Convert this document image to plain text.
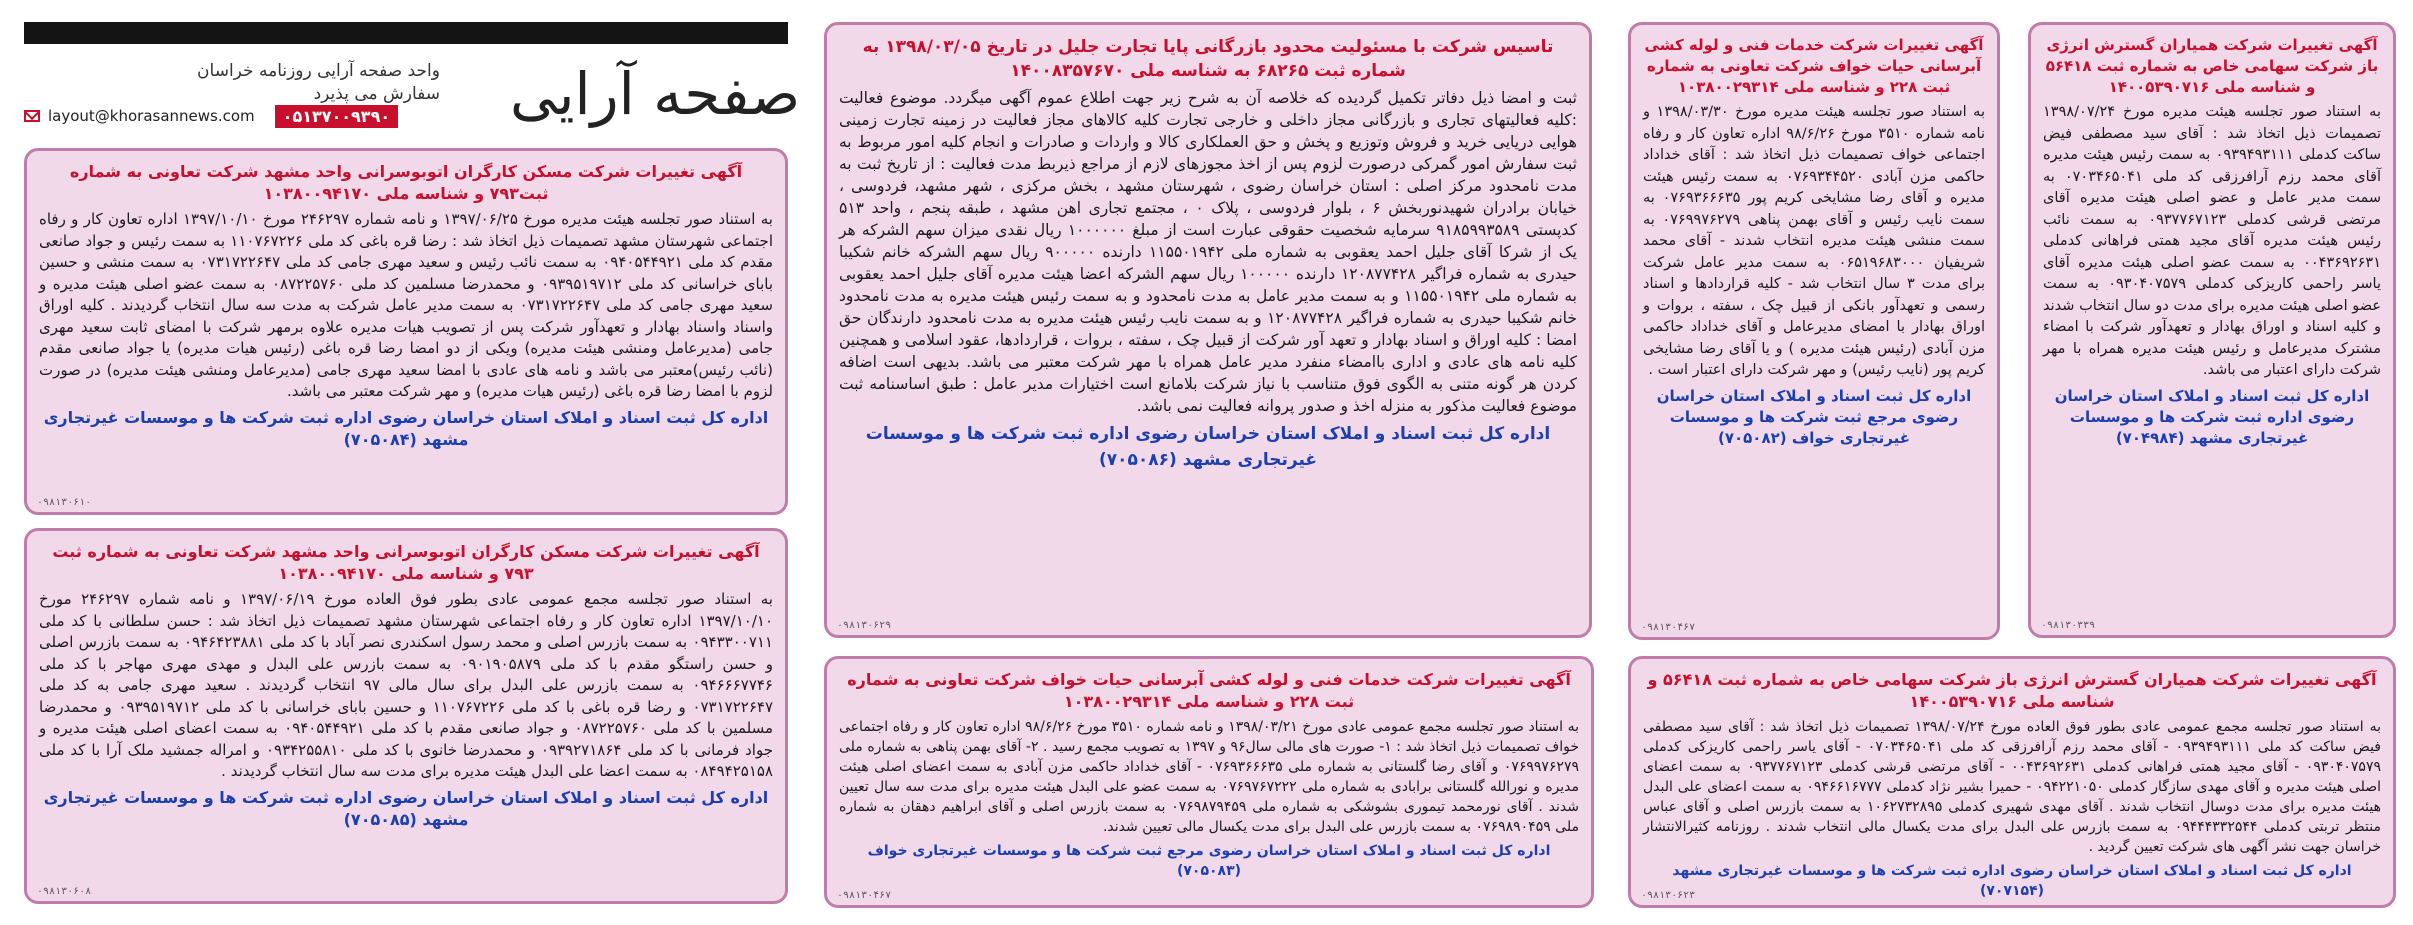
صفحه آرایی
واحد صفحه آرایی روزنامه خراسان
سفارش می پذیرد
layout@khorasannews.com	۰۵۱۳۷۰۰۹۳۹۰
آگهی تغییرات شرکت مسکن کارگران اتوبوسرانی واحد مشهد شرکت تعاونی به شماره ثبت۷۹۳ و شناسه ملی ۱۰۳۸۰۰۹۴۱۷۰

به استناد صور تجلسه هیئت مدیره مورخ ۱۳۹۷/۰۶/۲۵ و نامه شماره ۲۴۶۲۹۷ مورخ ۱۳۹۷/۱۰/۱۰ اداره تعاون کار و رفاه اجتماعی شهرستان مشهد تصمیمات ذیل اتخاذ شد : رضا قره باغی کد ملی ۱۱۰۷۶۷۲۲۶ به سمت رئیس و جواد صانعی مقدم کد ملی ۰۹۴۰۵۴۴۹۲۱ به سمت نائب رئیس و سعید مهری جامی کد ملی ۰۷۳۱۷۲۲۶۴۷ به سمت منشی و حسین بابای خراسانی کد ملی ۰۹۳۹۵۱۹۷۱۲ و محمدرضا مسلمین کد ملی ۰۸۷۲۲۵۷۶۰ به سمت عضو اصلی هیئت مدیره و سعید مهری جامی کد ملی ۰۷۳۱۷۲۲۶۴۷ به سمت مدیر عامل شرکت به مدت سه سال انتخاب گردیدند . کلیه اوراق واسناد واسناد بهادار و تعهدآور شرکت پس از تصویب هیات مدیره علاوه برمهر شرکت با امضای ثابت سعید مهری جامی (مدیرعامل ومنشی هیئت مدیره) ویکی از دو امضا رضا قره باغی (رئیس هیات مدیره) یا جواد صانعی مقدم (نائب رئیس)معتبر می باشد و نامه های عادی با امضا سعید مهری جامی (مدیرعامل ومنشی هیئت مدیره) در صورت لزوم با امضا رضا قره باغی (رئیس هیات مدیره) و مهر شرکت معتبر می باشد.

اداره کل ثبت اسناد و املاک استان خراسان رضوی اداره ثبت شرکت ها و موسسات غیرتجاری مشهد (۷۰۵۰۸۴)
۰۹۸۱۳۰۶۱۰
آگهی تغییرات شرکت مسکن کارگران اتوبوسرانی واحد مشهد شرکت تعاونی به شماره ثبت ۷۹۳ و شناسه ملی ۱۰۳۸۰۰۹۴۱۷۰

به استناد صور تجلسه مجمع عمومی عادی بطور فوق العاده مورخ ۱۳۹۷/۰۶/۱۹ و نامه شماره ۲۴۶۲۹۷ مورخ ۱۳۹۷/۱۰/۱۰ اداره تعاون کار و رفاه اجتماعی شهرستان مشهد تصمیمات ذیل اتخاذ شد : حسن سلطانی با کد ملی ۰۹۴۳۳۰۰۷۱۱ به سمت بازرس اصلی و محمد رسول اسکندری نصر آباد با کد ملی ۰۹۴۶۴۲۳۸۸۱ به سمت بازرس اصلی و حسن راستگو مقدم با کد ملی ۰۹۰۱۹۰۵۸۷۹ به سمت بازرس علی البدل و مهدی مهری مهاجر با کد ملی ۰۹۴۶۶۶۷۷۴۶ به سمت بازرس علی البدل برای سال مالی ۹۷ انتخاب گردیدند . سعید مهری جامی به کد ملی ۰۷۳۱۷۲۲۶۴۷ و رضا قره باغی با کد ملی ۱۱۰۷۶۷۲۲۶ و حسین بابای خراسانی با کد ملی ۰۹۳۹۵۱۹۷۱۲ و محمدرضا مسلمین با کد ملی ۰۸۷۲۲۵۷۶۰ و جواد صانعی مقدم با کد ملی ۰۹۴۰۵۴۴۹۲۱ به سمت اعضای اصلی هیئت مدیره و جواد فرمانی با کد ملی ۰۹۳۹۲۷۱۸۶۴ و محمدرضا خانوی با کد ملی ۰۹۳۴۲۵۵۸۱۰ و امراله جمشید ملک آرا با کد ملی ۰۸۴۹۴۲۵۱۵۸ به سمت اعضا علی البدل هیئت مدیره برای مدت سه سال انتخاب گردیدند .

اداره کل ثبت اسناد و املاک استان خراسان رضوی اداره ثبت شرکت ها و موسسات غیرتجاری مشهد (۷۰۵۰۸۵)
۰۹۸۱۳۰۶۰۸
تاسیس شرکت با مسئولیت محدود بازرگانی پایا تجارت جلیل در تاریخ ۱۳۹۸/۰۳/۰۵ به شماره ثبت ۶۸۲۶۵ به شناسه ملی ۱۴۰۰۸۳۵۷۶۷۰

ثبت و امضا ذیل دفاتر تکمیل گردیده که خلاصه آن به شرح زیر جهت اطلاع عموم آگهی میگردد. موضوع فعالیت :کلیه فعالیتهای تجاری و بازرگانی مجاز داخلی و خارجی تجارت کلیه کالاهای مجاز فعالیت در زمینه تجارت زمینی هوایی دریایی خرید و فروش وتوزیع و پخش و حق العملکاری کالا و واردات و صادرات و انجام کلیه امور مربوط به ثبت سفارش امور گمرکی درصورت لزوم پس از اخذ مجوزهای لازم از مراجع ذیربط مدت فعالیت : از تاریخ ثبت به مدت نامحدود مرکز اصلی : استان خراسان رضوی ، شهرستان مشهد ، بخش مرکزی ، شهر مشهد، فردوسی ، خیابان برادران شهیدنوربخش ۶ ، بلوار فردوسی ، پلاک ۰ ، مجتمع تجاری اهن مشهد ، طبقه پنجم ، واحد ۵۱۳ کدپستی ۹۱۸۵۹۹۳۵۸۹ سرمایه شخصیت حقوقی عبارت است از مبلغ ۱۰۰۰۰۰۰ ریال نقدی میزان سهم الشرکه هر یک از شرکا آقای جلیل احمد یعقوبی به شماره ملی ۱۱۵۵۰۱۹۴۲ دارنده ۹۰۰۰۰۰ ریال سهم الشرکه خانم شکیبا حیدری به شماره فراگیر ۱۲۰۸۷۷۴۲۸ دارنده ۱۰۰۰۰۰ ریال سهم الشرکه اعضا هیئت مدیره آقای جلیل احمد یعقوبی به شماره ملی ۱۱۵۵۰۱۹۴۲ و به سمت مدیر عامل به مدت نامحدود و به سمت رئیس هیئت مدیره به مدت نامحدود خانم شکیبا حیدری به شماره فراگیر ۱۲۰۸۷۷۴۲۸ و به سمت نایب رئیس هیئت مدیره به مدت نامحدود دارندگان حق امضا : کلیه اوراق و اسناد بهادار و تعهد آور شرکت از قبیل چک ، سفته ، بروات ، قراردادها، عقود اسلامی و همچنین کلیه نامه های عادی و اداری باامضاء منفرد مدیر عامل همراه با مهر شرکت معتبر می باشد. بدیهی است اضافه کردن هر گونه متنی به الگوی فوق متناسب با نیاز شرکت بلامانع است اختیارات مدیر عامل : طبق اساسنامه ثبت موضوع فعالیت مذکور به منزله اخذ و صدور پروانه فعالیت نمی باشد.

اداره کل ثبت اسناد و املاک استان خراسان رضوی اداره ثبت شرکت ها و موسسات غیرتجاری مشهد (۷۰۵۰۸۶)
۰۹۸۱۳۰۶۲۹
آگهی تغییرات شرکت خدمات فنی و لوله کشی آبرسانی حیات خواف شرکت تعاونی به شماره ثبت ۲۲۸ و شناسه ملی ۱۰۳۸۰۰۲۹۳۱۴

به استناد صور تجلسه مجمع عمومی عادی مورخ ۱۳۹۸/۰۳/۲۱ و نامه شماره ۳۵۱۰ مورخ ۹۸/۶/۲۶ اداره تعاون کار و رفاه اجتماعی خواف تصمیمات ذیل اتخاذ شد : ۱- صورت های مالی سال۹۶ و ۱۳۹۷ به تصویب مجمع رسید . ۲- آقای بهمن پناهی به شماره ملی ۰۷۶۹۹۷۶۲۷۹ و آقای رضا گلستانی به شماره ملی ۰۷۶۹۳۶۶۶۳۵ - آقای خداداد حاکمی مزن آبادی به سمت اعضای اصلی هیئت مدیره و نورالله گلستانی برابادی به شماره ملی ۰۷۶۹۷۶۷۲۲۲ به سمت عضو علی البدل هیئت مدیره برای مدت سه سال تعیین شدند . آقای نورمحمد تیموری بشوشکی به شماره ملی ۰۷۶۹۸۷۹۴۵۹ به سمت بازرس اصلی و آقای ابراهیم دهقان به شماره ملی ۰۷۶۹۸۹۰۴۵۹ به سمت بازرس علی البدل برای مدت یکسال مالی تعیین شدند.

اداره کل ثبت اسناد و املاک استان خراسان رضوی مرجع ثبت شرکت ها و موسسات غیرتجاری خواف (۷۰۵۰۸۳)
۰۹۸۱۳۰۴۶۷
آگهی تغییرات شرکت خدمات فنی و لوله کشی آبرسانی حیات خواف شرکت تعاونی به شماره ثبت ۲۲۸ و شناسه ملی ۱۰۳۸۰۰۲۹۳۱۴

به استناد صور تجلسه هیئت مدیره مورخ ۱۳۹۸/۰۳/۳۰ و نامه شماره ۳۵۱۰ مورخ ۹۸/۶/۲۶ اداره تعاون کار و رفاه اجتماعی خواف تصمیمات ذیل اتخاذ شد : آقای خداداد حاکمی مزن آبادی ۰۷۶۹۳۴۴۵۲۰ به سمت رئیس هیئت مدیره و آقای رضا مشایخی کریم پور ۰۷۶۹۳۶۶۶۳۵ به سمت نایب رئیس و آقای بهمن پناهی ۰۷۶۹۹۷۶۲۷۹ به سمت منشی هیئت مدیره انتخاب شدند - آقای محمد شریفیان ۰۶۵۱۹۶۸۳۰۰۰ به سمت مدیر عامل شرکت برای مدت ۳ سال انتخاب شد - کلیه قراردادها و اسناد رسمی و تعهدآور بانکی از قبیل چک ، سفته ، بروات و اوراق بهادار با امضای مدیرعامل و آقای خداداد حاکمی مزن آبادی (رئیس هیئت مدیره ) و یا آقای رضا مشایخی کریم پور (نایب رئیس) و مهر شرکت دارای اعتبار است .

اداره کل ثبت اسناد و املاک استان خراسان رضوی مرجع ثبت شرکت ها و موسسات غیرتجاری خواف (۷۰۵۰۸۲)
۰۹۸۱۳۰۴۶۷
آگهی تغییرات شرکت همیاران گسترش انرژی باز شرکت سهامی خاص به شماره ثبت ۵۶۴۱۸ و شناسه ملی ۱۴۰۰۵۳۹۰۷۱۶

به استناد صور تجلسه هیئت مدیره مورخ ۱۳۹۸/۰۷/۲۴ تصمیمات ذیل اتخاذ شد : آقای سید مصطفی فیض ساکت کدملی ۰۹۳۹۴۹۳۱۱۱ به سمت رئیس هیئت مدیره آقای محمد رزم آرافرزقی کد ملی ۰۷۰۳۴۶۵۰۴۱ به سمت مدیر عامل و عضو اصلی هیئت مدیره آقای مرتضی قرشی کدملی ۰۹۳۷۷۶۷۱۲۳ به سمت نائب رئیس هیئت مدیره آقای مجید همتی فراهانی کدملی ۰۰۴۳۶۹۲۶۳۱ به سمت عضو اصلی هیئت مدیره آقای یاسر راحمی کاریزکی کدملی ۰۹۳۰۴۰۷۵۷۹ به سمت عضو اصلی هیئت مدیره برای مدت دو سال انتخاب شدند و کلیه اسناد و اوراق بهادار و تعهدآور شرکت با امضاء مشترک مدیرعامل و رئیس هیئت مدیره همراه با مهر شرکت دارای اعتبار می باشد.

اداره کل ثبت اسناد و املاک استان خراسان رضوی اداره ثبت شرکت ها و موسسات غیرتجاری مشهد (۷۰۴۹۸۴)
۰۹۸۱۳۰۳۳۹
آگهی تغییرات شرکت همیاران گسترش انرژی باز شرکت سهامی خاص به شماره ثبت ۵۶۴۱۸ و شناسه ملی ۱۴۰۰۵۳۹۰۷۱۶

به استناد صور تجلسه مجمع عمومی عادی بطور فوق العاده مورخ ۱۳۹۸/۰۷/۲۴ تصمیمات ذیل اتخاذ شد : آقای سید مصطفی فیض ساکت کد ملی ۰۹۳۹۴۹۳۱۱۱ - آقای محمد رزم آرافرزقی کد ملی ۰۷۰۳۴۶۵۰۴۱ - آقای یاسر راحمی کاریزکی کدملی ۰۹۳۰۴۰۷۵۷۹ - آقای مجید همتی فراهانی کدملی ۰۰۴۳۶۹۲۶۳۱ - آقای مرتضی قرشی کدملی ۰۹۳۷۷۶۷۱۲۳ به سمت اعضای اصلی هیئت مدیره و آقای مهدی سازگار کدملی ۰۹۴۲۲۱۰۵۰ - حمیرا بشیر نژاد کدملی ۰۹۴۶۶۱۶۷۷۷ به سمت اعضای علی البدل هیئت مدیره برای مدت دوسال انتخاب شدند . آقای مهدی شهیری کدملی ۱۰۶۲۷۳۲۸۹۵ به سمت بازرس اصلی و آقای عباس منتظر تربتی کدملی ۰۹۴۴۴۳۳۲۵۴۴ به سمت بازرس علی البدل برای مدت یکسال مالی انتخاب شدند . روزنامه کثیرالانتشار خراسان جهت نشر آگهی های شرکت تعیین گردید .

اداره کل ثبت اسناد و املاک استان خراسان رضوی اداره ثبت شرکت ها و موسسات غیرتجاری مشهد (۷۰۷۱۵۴)
۰۹۸۱۳۰۶۲۳
